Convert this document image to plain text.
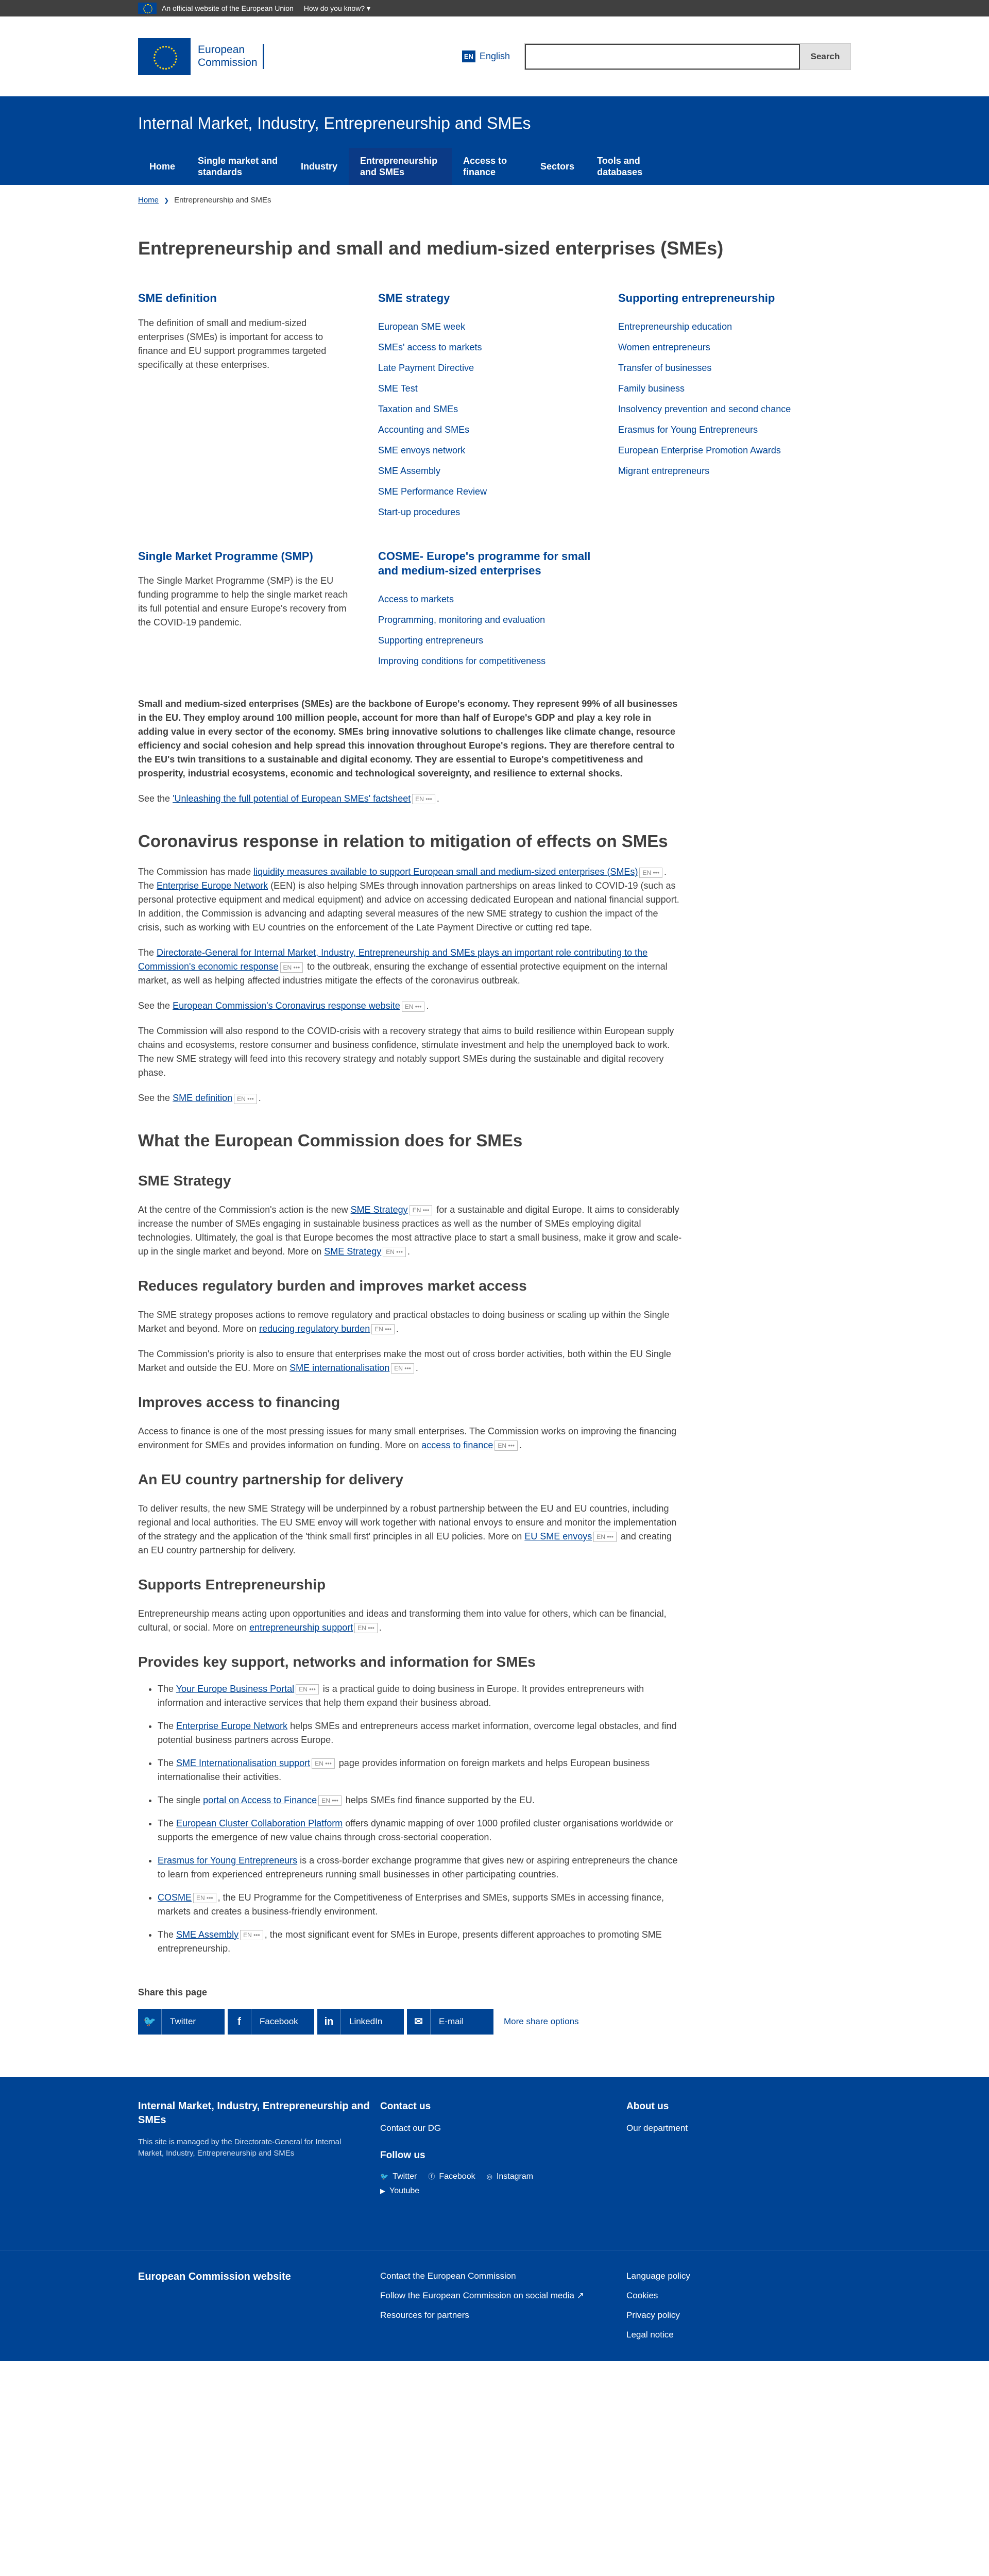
An official website of the European Union How do you know? ▾
European
Commission
EN English	Search
Internal Market, Industry, Entrepreneurship and SMEs
Home
Single market and standards
Industry
Entrepreneurship and SMEs
Access to finance
Sectors
Tools and databases
Home ❯ Entrepreneurship and SMEs
Entrepreneurship and small and medium-sized enterprises (SMEs)
SME definition

The definition of small and medium-sized enterprises (SMEs) is important for access to finance and EU support programmes targeted specifically at these enterprises.

SME strategy
European SME week
SMEs' access to markets
Late Payment Directive
SME Test
Taxation and SMEs
Accounting and SMEs
SME envoys network
SME Assembly
SME Performance Review
Start-up procedures
Supporting entrepreneurship
Entrepreneurship education
Women entrepreneurs
Transfer of businesses
Family business
Insolvency prevention and second chance
Erasmus for Young Entrepreneurs
European Enterprise Promotion Awards
Migrant entrepreneurs
Single Market Programme (SMP)

The Single Market Programme (SMP) is the EU funding programme to help the single market reach its full potential and ensure Europe's recovery from the COVID-19 pandemic.

COSME- Europe's programme for small and medium-sized enterprises
Access to markets
Programming, monitoring and evaluation
Supporting entrepreneurs
Improving conditions for competitiveness

Small and medium-sized enterprises (SMEs) are the backbone of Europe's economy. They represent 99% of all businesses in the EU. They employ around 100 million people, account for more than half of Europe's GDP and play a key role in adding value in every sector of the economy. SMEs bring innovative solutions to challenges like climate change, resource efficiency and social cohesion and help spread this innovation throughout Europe's regions. They are therefore central to the EU's twin transitions to a sustainable and digital economy. They are essential to Europe's competitiveness and prosperity, industrial ecosystems, economic and technological sovereignty, and resilience to external shocks.

See the 'Unleashing the full potential of European SMEs' factsheet EN ••• .

Coronavirus response in relation to mitigation of effects on SMEs

The Commission has made liquidity measures available to support European small and medium-sized enterprises (SMEs) EN ••• . The Enterprise Europe Network (EEN) is also helping SMEs through innovation partnerships on areas linked to COVID-19 (such as personal protective equipment and medical equipment) and advice on accessing dedicated European and national financial support. In addition, the Commission is advancing and adapting several measures of the new SME strategy to cushion the impact of the crisis, such as working with EU countries on the enforcement of the Late Payment Directive or cutting red tape.

The Directorate-General for Internal Market, Industry, Entrepreneurship and SMEs plays an important role contributing to the Commission's economic response EN ••• to the outbreak, ensuring the exchange of essential protective equipment on the internal market, as well as helping affected industries mitigate the effects of the coronavirus outbreak.

See the European Commission's Coronavirus response website EN ••• .

The Commission will also respond to the COVID-crisis with a recovery strategy that aims to build resilience within European supply chains and ecosystems, restore consumer and business confidence, stimulate investment and help the unemployed back to work. The new SME strategy will feed into this recovery strategy and notably support SMEs during the sustainable and digital recovery phase.

See the SME definition EN ••• .

What the European Commission does for SMEs
SME Strategy

At the centre of the Commission's action is the new SME Strategy EN ••• for a sustainable and digital Europe. It aims to considerably increase the number of SMEs engaging in sustainable business practices as well as the number of SMEs employing digital technologies. Ultimately, the goal is that Europe becomes the most attractive place to start a small business, make it grow and scale-up in the single market and beyond. More on SME Strategy EN ••• .

Reduces regulatory burden and improves market access

The SME strategy proposes actions to remove regulatory and practical obstacles to doing business or scaling up within the Single Market and beyond. More on reducing regulatory burden EN ••• .

The Commission's priority is also to ensure that enterprises make the most out of cross border activities, both within the EU Single Market and outside the EU. More on SME internationalisation EN ••• .

Improves access to financing

Access to finance is one of the most pressing issues for many small enterprises. The Commission works on improving the financing environment for SMEs and provides information on funding. More on access to finance EN ••• .

An EU country partnership for delivery

To deliver results, the new SME Strategy will be underpinned by a robust partnership between the EU and EU countries, including regional and local authorities. The EU SME envoy will work together with national envoys to ensure and monitor the implementation of the strategy and the application of the 'think small first' principles in all EU policies. More on EU SME envoys EN ••• and creating an EU country partnership for delivery.

Supports Entrepreneurship

Entrepreneurship means acting upon opportunities and ideas and transforming them into value for others, which can be financial, cultural, or social. More on entrepreneurship support EN ••• .

Provides key support, networks and information for SMEs
• The Your Europe Business Portal EN ••• is a practical guide to doing business in Europe. It provides entrepreneurs with information and interactive services that help them expand their business abroad.
• The Enterprise Europe Network helps SMEs and entrepreneurs access market information, overcome legal obstacles, and find potential business partners across Europe.
• The SME Internationalisation support EN ••• page provides information on foreign markets and helps European business internationalise their activities.
• The single portal on Access to Finance EN ••• helps SMEs find finance supported by the EU.
• The European Cluster Collaboration Platform offers dynamic mapping of over 1000 profiled cluster organisations worldwide or supports the emergence of new value chains through cross-sectorial cooperation.
• Erasmus for Young Entrepreneurs is a cross-border exchange programme that gives new or aspiring entrepreneurs the chance to learn from experienced entrepreneurs running small businesses in other participating countries.
• COSME EN ••• , the EU Programme for the Competitiveness of Enterprises and SMEs, supports SMEs in accessing finance, markets and creates a business-friendly environment.
• The SME Assembly EN ••• , the most significant event for SMEs in Europe, presents different approaches to promoting SME entrepreneurship.
Share this page
🐦	Twitter	f	Facebook	in	LinkedIn	✉	E-mail	More share options
Internal Market, Industry, Entrepreneurship and SMEs
This site is managed by the Directorate-General for Internal Market, Industry, Entrepreneurship and SMEs
Contact us
Contact our DG
Follow us
🐦 Twitter ⓕ Facebook ◎ Instagram
▶ Youtube
About us
Our department
European Commission website	Contact the European Commission
Follow the European Commission on social media ↗
Resources for partners
Language policy
Cookies
Privacy policy
Legal notice
